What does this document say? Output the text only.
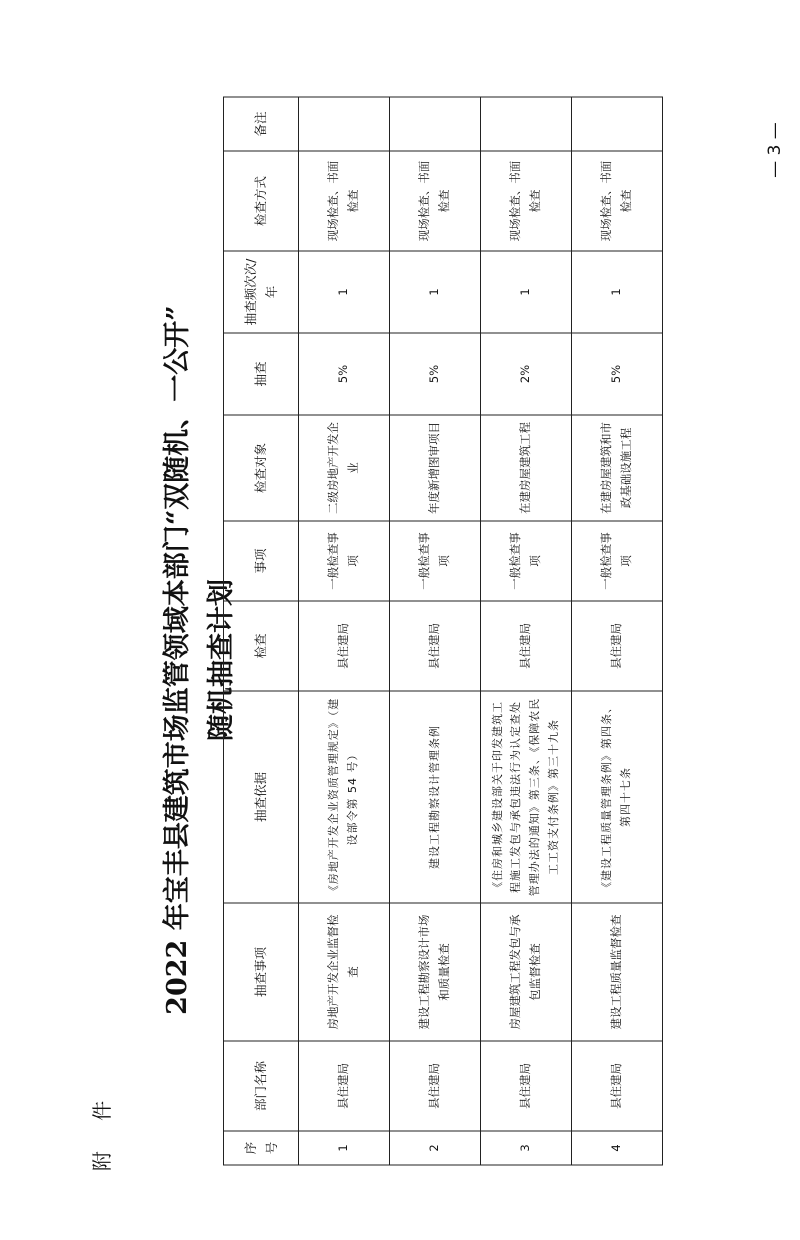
附 件
2022 年宝丰县建筑市场监管领域本部门“双随机、一公开” 随机抽查计划
— 3 —
序号	部门名称	抽查事项	抽查依据	检查	事项	检查对象	抽查	抽查频次次/年	检查方式	备注
1	县住建局	房地产开发企业监督检查	《房地产开发企业资质管理规定》（建设部令第 54 号）	县住建局	一般检查事项	二级房地产开发企业	5%	1	现场检查、书面检查	
2	县住建局	建设工程勘察设计市场和质量检查	建设工程勘察设计管理条例	县住建局	一般检查事项	年度新增图审项目	5%	1	现场检查、书面检查	
3	县住建局	房屋建筑工程发包与承包监督检查	《住房和城乡建设部关于印发建筑工程施工发包与承包违法行为认定查处管理办法的通知》第三条、《保障农民工工资支付条例》第三十九条	县住建局	一般检查事项	在建房屋建筑工程	2%	1	现场检查、书面检查	
4	县住建局	建设工程质量监督检查	《建设工程质量管理条例》第四条、第四十七条	县住建局	一般检查事项	在建房屋建筑和市政基础设施工程	5%	1	现场检查、书面检查	
